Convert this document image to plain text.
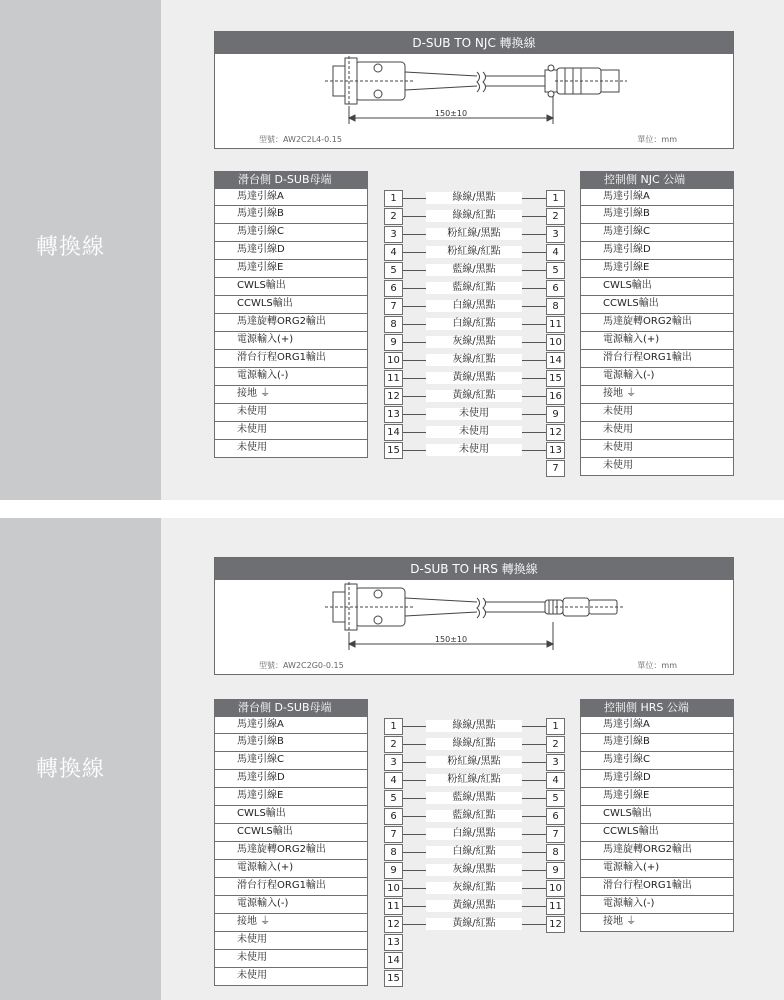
轉換線
D-SUB TO NJC 轉換線
150±10
型號：AW2C2L4-0.15	單位：mm
滑台側 D-SUB母端
馬達引線A
馬達引線B
馬達引線C
馬達引線D
馬達引線E
CWLS輸出
CCWLS輸出
馬達旋轉ORG2輸出
電源輸入(+)
滑台行程ORG1輸出
電源輸入(-)
接地 ⏚
未使用
未使用
未使用
控制側 NJC 公端
馬達引線A
馬達引線B
馬達引線C
馬達引線D
馬達引線E
CWLS輸出
CCWLS輸出
馬達旋轉ORG2輸出
電源輸入(+)
滑台行程ORG1輸出
電源輸入(-)
接地 ⏚
未使用
未使用
未使用
未使用
1
2
3
4
5
6
7
8
9
10
11
12
13
14
15
1
2
3
4
5
6
8
11
10
14
15
16
9
12
13
7
綠線/黑點
綠線/紅點
粉紅線/黑點
粉紅線/紅點
藍線/黑點
藍線/紅點
白線/黑點
白線/紅點
灰線/黑點
灰線/紅點
黃線/黑點
黃線/紅點
未使用
未使用
未使用
轉換線
D-SUB TO HRS 轉換線
150±10
型號：AW2C2G0-0.15	單位：mm
滑台側 D-SUB母端
馬達引線A
馬達引線B
馬達引線C
馬達引線D
馬達引線E
CWLS輸出
CCWLS輸出
馬達旋轉ORG2輸出
電源輸入(+)
滑台行程ORG1輸出
電源輸入(-)
接地 ⏚
未使用
未使用
未使用
控制側 HRS 公端
馬達引線A
馬達引線B
馬達引線C
馬達引線D
馬達引線E
CWLS輸出
CCWLS輸出
馬達旋轉ORG2輸出
電源輸入(+)
滑台行程ORG1輸出
電源輸入(-)
接地 ⏚
1
2
3
4
5
6
7
8
9
10
11
12
13
14
15
1
2
3
4
5
6
7
8
9
10
11
12
綠線/黑點
綠線/紅點
粉紅線/黑點
粉紅線/紅點
藍線/黑點
藍線/紅點
白線/黑點
白線/紅點
灰線/黑點
灰線/紅點
黃線/黑點
黃線/紅點
